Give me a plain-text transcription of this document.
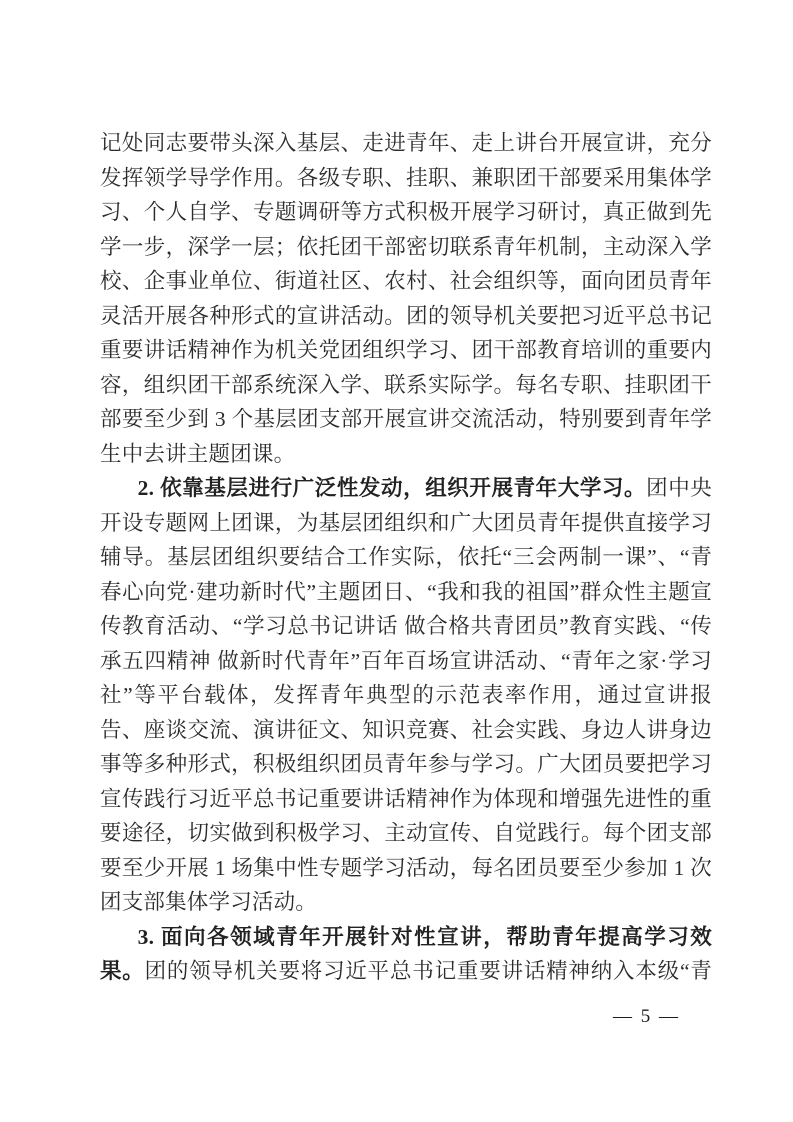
记处同志要带头深入基层、走进青年、走上讲台开展宣讲，充分发挥领学导学作用。各级专职、挂职、兼职团干部要采用集体学习、个人自学、专题调研等方式积极开展学习研讨，真正做到先学一步，深学一层；依托团干部密切联系青年机制，主动深入学校、企事业单位、街道社区、农村、社会组织等，面向团员青年灵活开展各种形式的宣讲活动。团的领导机关要把习近平总书记重要讲话精神作为机关党团组织学习、团干部教育培训的重要内容，组织团干部系统深入学、联系实际学。每名专职、挂职团干部要至少到 3 个基层团支部开展宣讲交流活动，特别要到青年学生中去讲主题团课。

2. 依靠基层进行广泛性发动，组织开展青年大学习。团中央开设专题网上团课，为基层团组织和广大团员青年提供直接学习辅导。基层团组织要结合工作实际，依托“三会两制一课”、“青春心向党·建功新时代”主题团日、“我和我的祖国”群众性主题宣传教育活动、“学习总书记讲话 做合格共青团员”教育实践、“传承五四精神 做新时代青年”百年百场宣讲活动、“青年之家·学习社”等平台载体，发挥青年典型的示范表率作用，通过宣讲报告、座谈交流、演讲征文、知识竞赛、社会实践、身边人讲身边事等多种形式，积极组织团员青年参与学习。广大团员要把学习宣传践行习近平总书记重要讲话精神作为体现和增强先进性的重要途径，切实做到积极学习、主动宣传、自觉践行。每个团支部要至少开展 1 场集中性专题学习活动，每名团员要至少参加 1 次团支部集体学习活动。

3. 面向各领域青年开展针对性宣讲，帮助青年提高学习效果。团的领导机关要将习近平总书记重要讲话精神纳入本级“青

— 5 —
